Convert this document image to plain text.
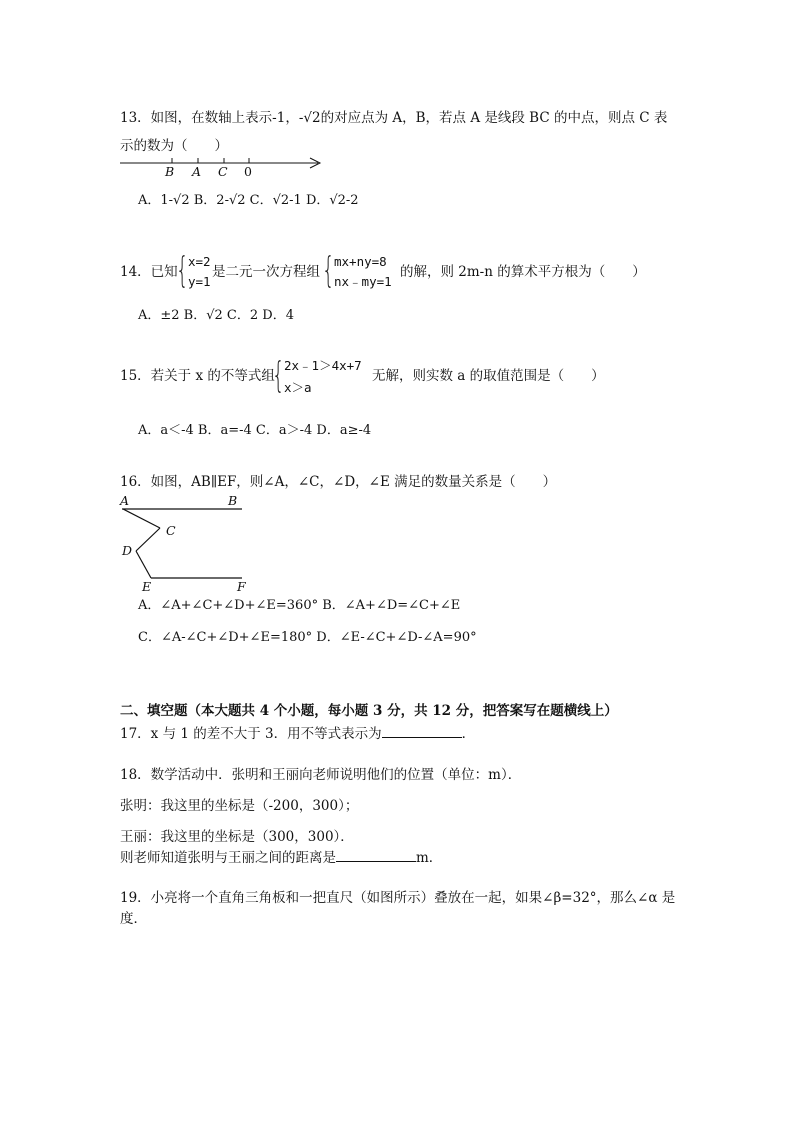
13．如图，在数轴上表示-1，-√2的对应点为 A，B，若点 A 是线段 BC 的中点，则点 C 表
示的数为（　　）
B A C 0
A．1-√2 B．2-√2 C．√2-1 D．√2-2
14．已知
{ x=2
y=1
是二元一次方程组 { mx+ny=8
nx﹣my=1
的解，则 2m-n 的算术平方根为（　　）
A．±2 B．√2 C．2 D．4
15．若关于 x 的不等式组
{ 2x﹣1＞4x+7
x＞a
无解，则实数 a 的取值范围是（　　）
A．a＜-4 B．a=-4 C．a＞-4 D．a≥-4
16．如图，AB∥EF，则∠A，∠C，∠D，∠E 满足的数量关系是（　　）
A	B
C
D
E	F
A．∠A+∠C+∠D+∠E=360° B．∠A+∠D=∠C+∠E
C．∠A-∠C+∠D+∠E=180° D．∠E-∠C+∠D-∠A=90°
二、填空题（本大题共 4 个小题，每小题 3 分，共 12 分，把答案写在题横线上）
17．x 与 1 的差不大于 3．用不等式表示为	．
18．数学活动中．张明和王丽向老师说明他们的位置（单位：m）．
张明：我这里的坐标是（-200，300）；
王丽：我这里的坐标是（300，300）．
则老师知道张明与王丽之间的距离是	m．
19．小亮将一个直角三角板和一把直尺（如图所示）叠放在一起，如果∠β=32°，那么∠α 是
度．
